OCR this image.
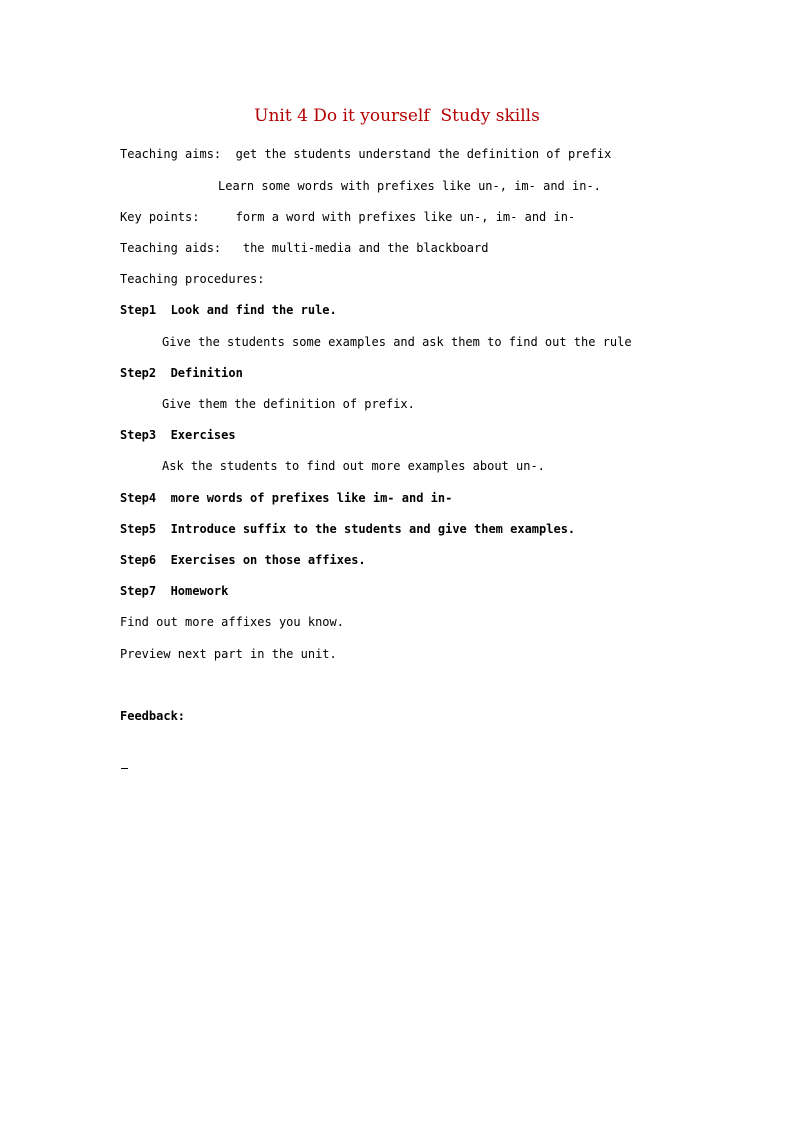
Unit 4 Do it yourself  Study skills
Teaching aims: get the students understand the definition of prefix
Learn some words with prefixes like un-, im- and in-.
Key points:	form a word with prefixes like un-, im- and in-
Teaching aids: the multi-media and the blackboard
Teaching procedures:
Step1  Look and find the rule.
Give the students some examples and ask them to find out the rule
Step2  Definition
Give them the definition of prefix.
Step3  Exercises
Ask the students to find out more examples about un-.
Step4  more words of prefixes like im- and in-
Step5  Introduce suffix to the students and give them examples.
Step6  Exercises on those affixes.
Step7  Homework
Find out more affixes you know.
Preview next part in the unit.
Feedback:
